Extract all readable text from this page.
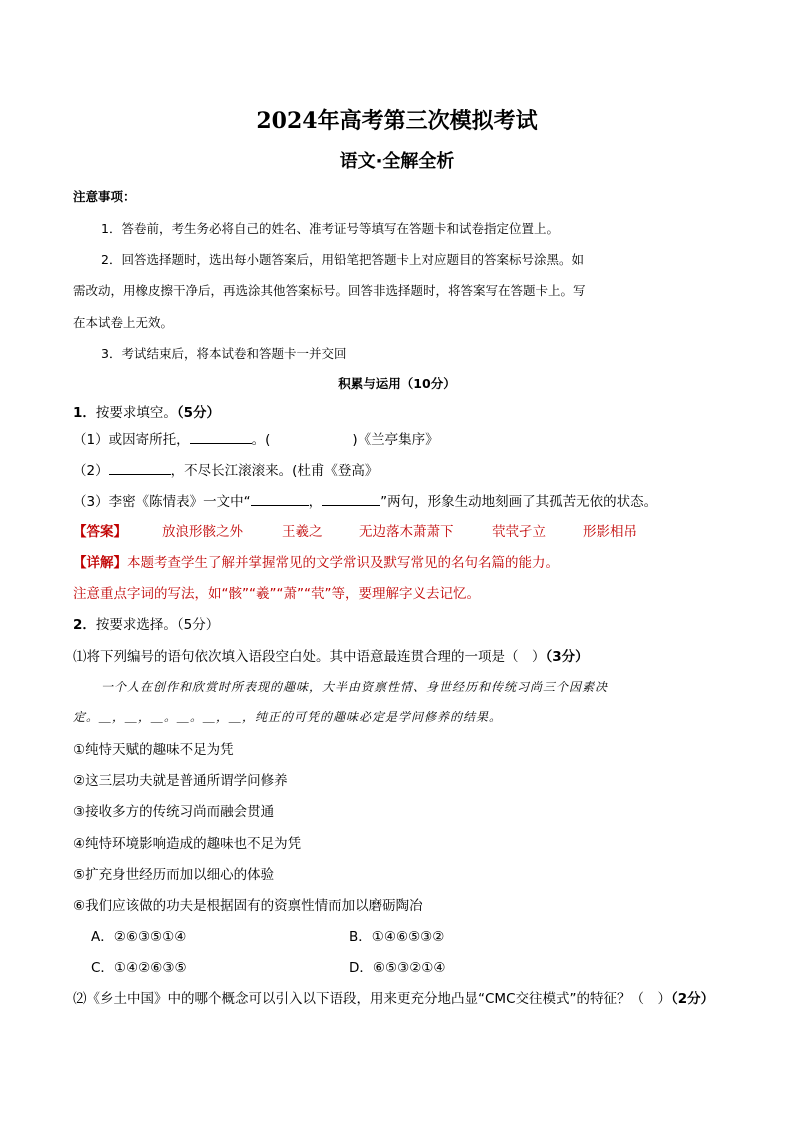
2024年高考第三次模拟考试
语文·全解全析
注意事项：
1．答卷前，考生务必将自己的姓名、准考证号等填写在答题卡和试卷指定位置上。
2．回答选择题时，选出每小题答案后，用铅笔把答题卡上对应题目的答案标号涂黑。如
需改动，用橡皮擦干净后，再选涂其他答案标号。回答非选择题时，将答案写在答题卡上。写
在本试卷上无效。
3．考试结束后，将本试卷和答题卡一并交回
积累与运用（10分）
1．按要求填空。（5分）
（1）或因寄所托，	。(	)《兰亭集序》
（2）	，不尽长江滚滚来。(杜甫《登高》
（3）李密《陈情表》一文中“	，	”两句，形象生动地刻画了其孤苦无依的状态。
【答案】	放浪形骸之外	王羲之	无边落木萧萧下	茕茕孑立	形影相吊
【详解】本题考查学生了解并掌握常见的文学常识及默写常见的名句名篇的能力。
注意重点字词的写法，如“骸”“羲”“萧”“茕”等，要理解字义去记忆。
2．按要求选择。（5分）
⑴将下列编号的语句依次填入语段空白处。其中语意最连贯合理的一项是（　）（3分）
一个人在创作和欣赏时所表现的趣味，大半由资禀性情、身世经历和传统习尚三个因素决
定。＿，＿，＿。＿。＿，＿，纯正的可凭的趣味必定是学问修养的结果。
①纯恃天赋的趣味不足为凭
②这三层功夫就是普通所谓学问修养
③接收多方的传统习尚而融会贯通
④纯恃环境影响造成的趣味也不足为凭
⑤扩充身世经历而加以细心的体验
⑥我们应该做的功夫是根据固有的资禀性情而加以磨砺陶冶
A．②⑥③⑤①④	B．①④⑥⑤③②
C．①④②⑥③⑤	D．⑥⑤③②①④
⑵《乡土中国》中的哪个概念可以引入以下语段，用来更充分地凸显“CMC交往模式”的特征？（　）（2分）
